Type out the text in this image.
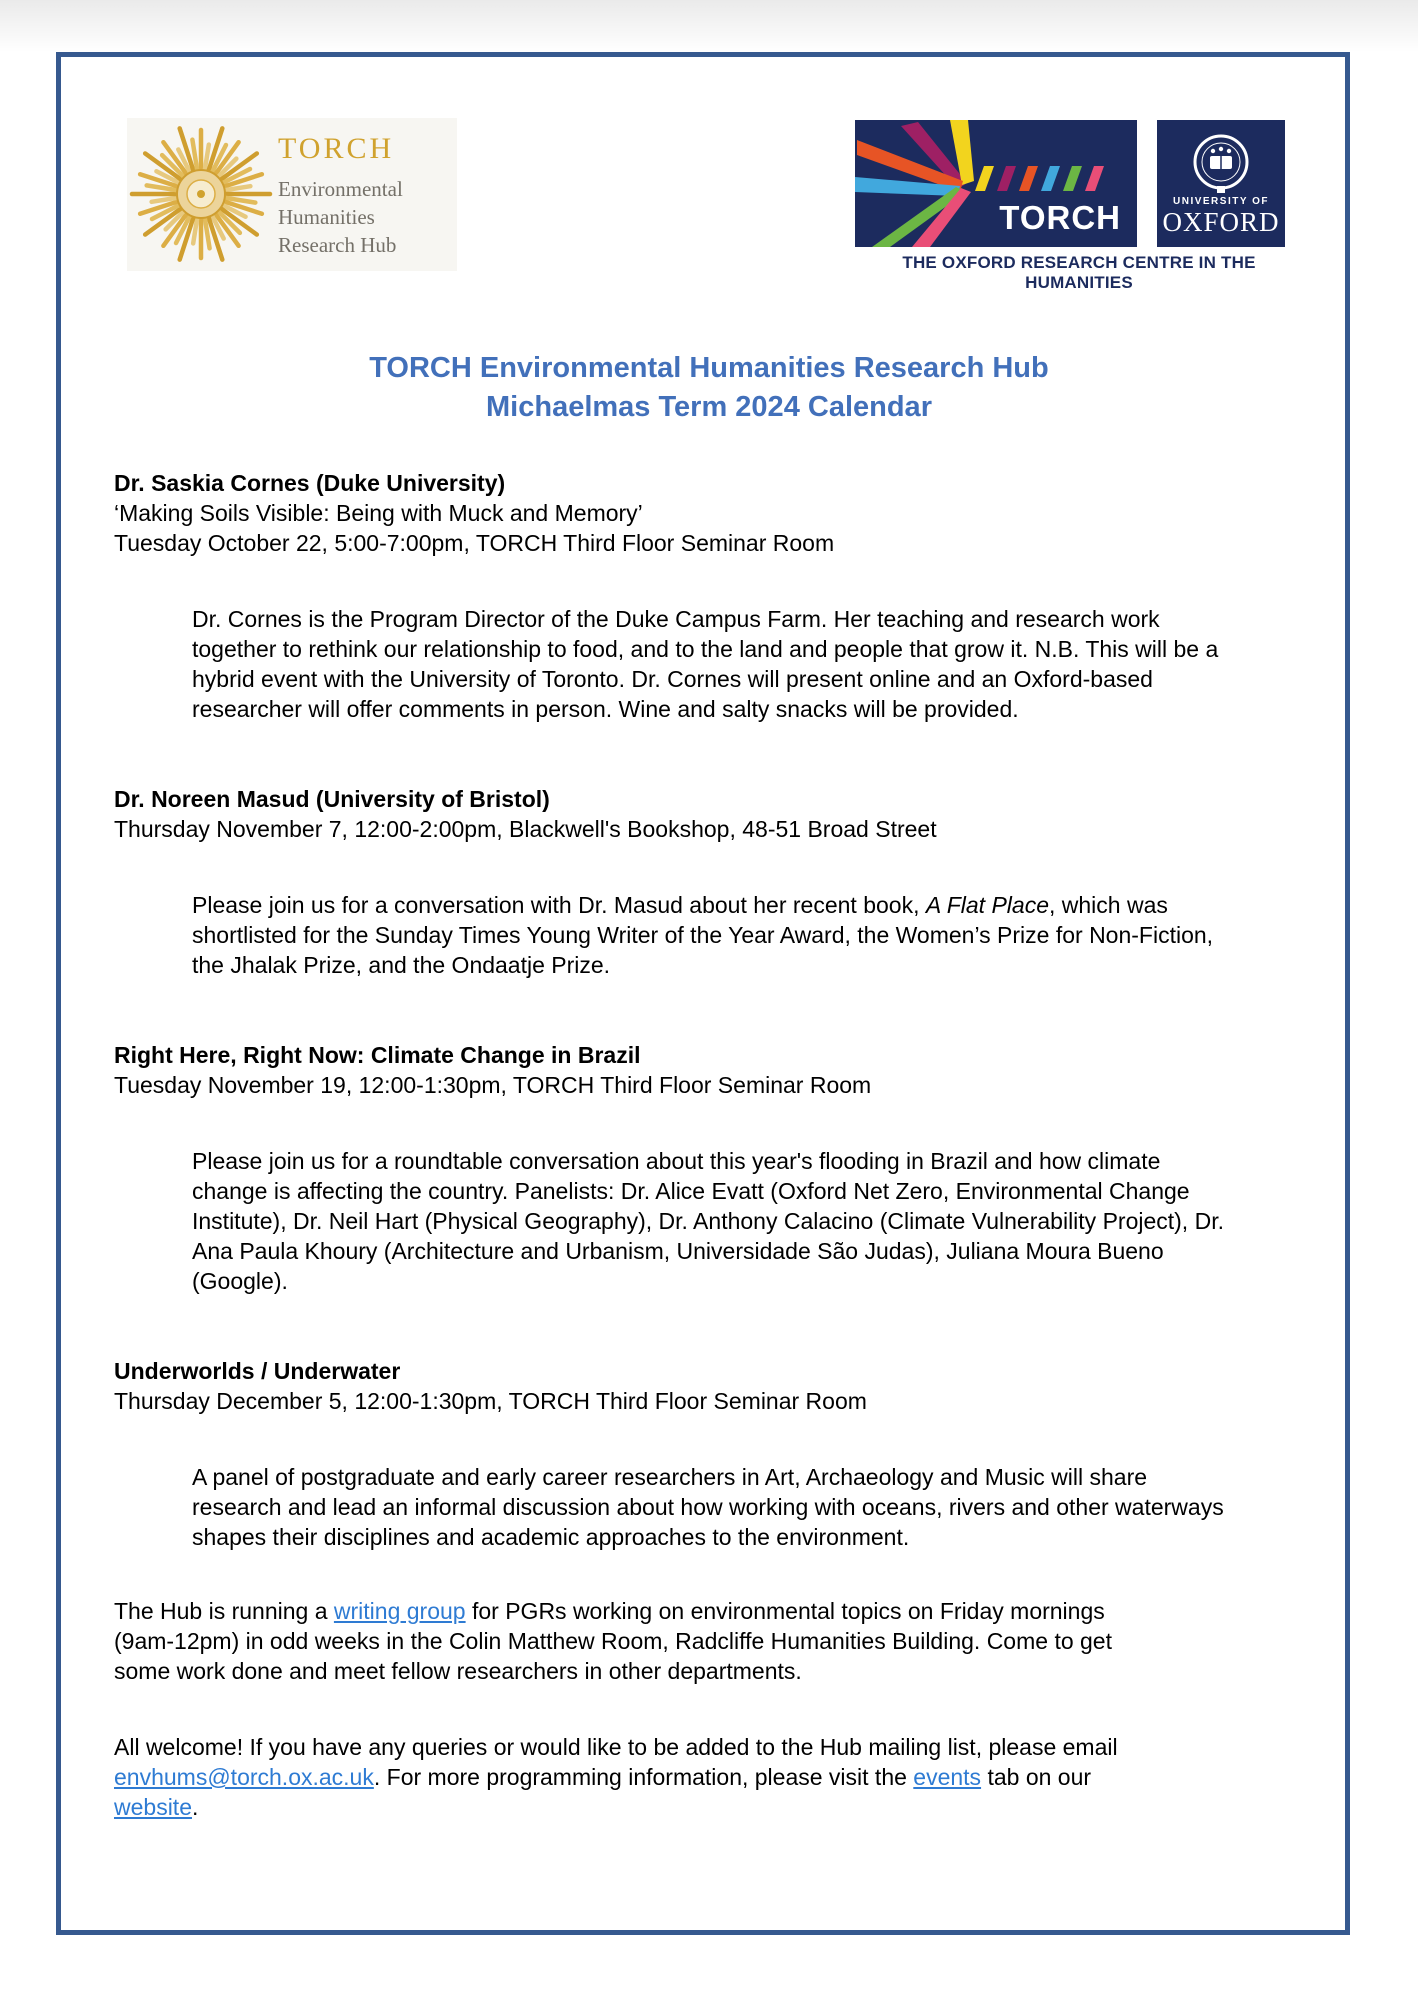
TORCH
Environmental
Humanities
Research Hub
TORCH	UNIVERSITY OF
OXFORD
THE OXFORD RESEARCH CENTRE IN THE HUMANITIES
TORCH Environmental Humanities Research Hub
Michaelmas Term 2024 Calendar
Dr. Saskia Cornes (Duke University)
‘Making Soils Visible: Being with Muck and Memory’
Tuesday October 22, 5:00-7:00pm, TORCH Third Floor Seminar Room
Dr. Cornes is the Program Director of the Duke Campus Farm. Her teaching and research work together to rethink our relationship to food, and to the land and people that grow it. N.B. This will be a hybrid event with the University of Toronto. Dr. Cornes will present online and an Oxford-based researcher will offer comments in person. Wine and salty snacks will be provided.
Dr. Noreen Masud (University of Bristol)
Thursday November 7, 12:00-2:00pm, Blackwell's Bookshop, 48-51 Broad Street
Please join us for a conversation with Dr. Masud about her recent book, A Flat Place, which was shortlisted for the Sunday Times Young Writer of the Year Award, the Women’s Prize for Non-Fiction, the Jhalak Prize, and the Ondaatje Prize.
Right Here, Right Now: Climate Change in Brazil
Tuesday November 19, 12:00-1:30pm, TORCH Third Floor Seminar Room
Please join us for a roundtable conversation about this year's flooding in Brazil and how climate change is affecting the country. Panelists: Dr. Alice Evatt (Oxford Net Zero, Environmental Change Institute), Dr. Neil Hart (Physical Geography), Dr. Anthony Calacino (Climate Vulnerability Project), Dr. Ana Paula Khoury (Architecture and Urbanism, Universidade São Judas), Juliana Moura Bueno (Google).
Underworlds / Underwater
Thursday December 5, 12:00-1:30pm, TORCH Third Floor Seminar Room
A panel of postgraduate and early career researchers in Art, Archaeology and Music will share research and lead an informal discussion about how working with oceans, rivers and other waterways shapes their disciplines and academic approaches to the environment.
The Hub is running a writing group for PGRs working on environmental topics on Friday mornings (9am-12pm) in odd weeks in the Colin Matthew Room, Radcliffe Humanities Building. Come to get some work done and meet fellow researchers in other departments.
All welcome! If you have any queries or would like to be added to the Hub mailing list, please email envhums@torch.ox.ac.uk. For more programming information, please visit the events tab on our website.
